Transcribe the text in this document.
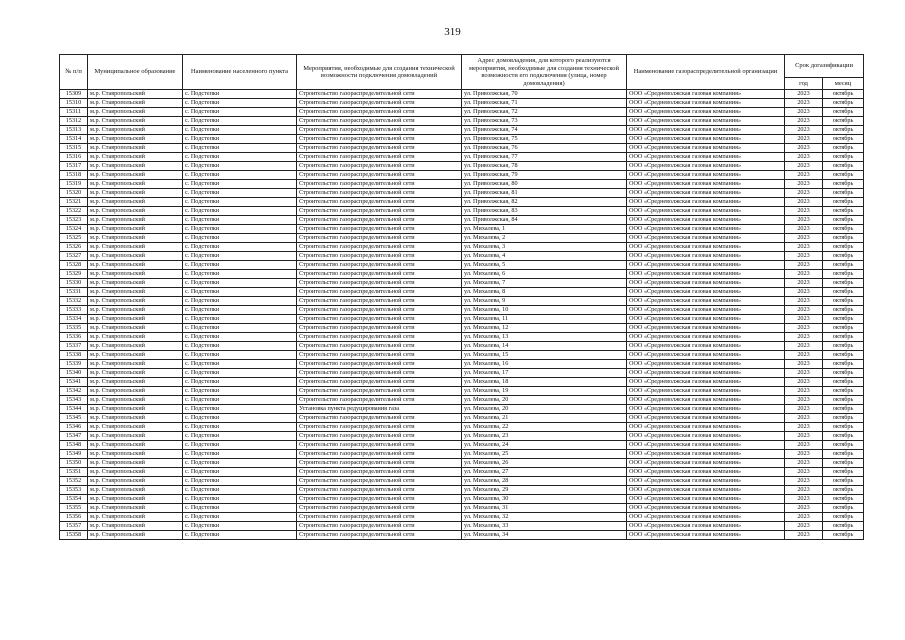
319
№ п/п	Муниципальное образование	Наименование населенного пункта	Мероприятия, необходимые для создания технической возможности подключения домовладений	Адрес домовладения, для которого реализуются мероприятия, необходимые для создания технической возможности его подключения (улица, номер домовладения)	Наименование газораспределительной организации	Срок догазификации	
						год	месяц
15309	м.р. Ставропольский	с. Подстепки	Строительство газораспределительной сети	ул. Приволжская, 70	ООО «Средневолжская газовая компания»	2023	октябрь
15310	м.р. Ставропольский	с. Подстепки	Строительство газораспределительной сети	ул. Приволжская, 71	ООО «Средневолжская газовая компания»	2023	октябрь
15311	м.р. Ставропольский	с. Подстепки	Строительство газораспределительной сети	ул. Приволжская, 72	ООО «Средневолжская газовая компания»	2023	октябрь
15312	м.р. Ставропольский	с. Подстепки	Строительство газораспределительной сети	ул. Приволжская, 73	ООО «Средневолжская газовая компания»	2023	октябрь
15313	м.р. Ставропольский	с. Подстепки	Строительство газораспределительной сети	ул. Приволжская, 74	ООО «Средневолжская газовая компания»	2023	октябрь
15314	м.р. Ставропольский	с. Подстепки	Строительство газораспределительной сети	ул. Приволжская, 75	ООО «Средневолжская газовая компания»	2023	октябрь
15315	м.р. Ставропольский	с. Подстепки	Строительство газораспределительной сети	ул. Приволжская, 76	ООО «Средневолжская газовая компания»	2023	октябрь
15316	м.р. Ставропольский	с. Подстепки	Строительство газораспределительной сети	ул. Приволжская, 77	ООО «Средневолжская газовая компания»	2023	октябрь
15317	м.р. Ставропольский	с. Подстепки	Строительство газораспределительной сети	ул. Приволжская, 78	ООО «Средневолжская газовая компания»	2023	октябрь
15318	м.р. Ставропольский	с. Подстепки	Строительство газораспределительной сети	ул. Приволжская, 79	ООО «Средневолжская газовая компания»	2023	октябрь
15319	м.р. Ставропольский	с. Подстепки	Строительство газораспределительной сети	ул. Приволжская, 80	ООО «Средневолжская газовая компания»	2023	октябрь
15320	м.р. Ставропольский	с. Подстепки	Строительство газораспределительной сети	ул. Приволжская, 81	ООО «Средневолжская газовая компания»	2023	октябрь
15321	м.р. Ставропольский	с. Подстепки	Строительство газораспределительной сети	ул. Приволжская, 82	ООО «Средневолжская газовая компания»	2023	октябрь
15322	м.р. Ставропольский	с. Подстепки	Строительство газораспределительной сети	ул. Приволжская, 83	ООО «Средневолжская газовая компания»	2023	октябрь
15323	м.р. Ставропольский	с. Подстепки	Строительство газораспределительной сети	ул. Приволжская, 84	ООО «Средневолжская газовая компания»	2023	октябрь
15324	м.р. Ставропольский	с. Подстепки	Строительство газораспределительной сети	ул. Михалева, 1	ООО «Средневолжская газовая компания»	2023	октябрь
15325	м.р. Ставропольский	с. Подстепки	Строительство газораспределительной сети	ул. Михалева, 2	ООО «Средневолжская газовая компания»	2023	октябрь
15326	м.р. Ставропольский	с. Подстепки	Строительство газораспределительной сети	ул. Михалева, 3	ООО «Средневолжская газовая компания»	2023	октябрь
15327	м.р. Ставропольский	с. Подстепки	Строительство газораспределительной сети	ул. Михалева, 4	ООО «Средневолжская газовая компания»	2023	октябрь
15328	м.р. Ставропольский	с. Подстепки	Строительство газораспределительной сети	ул. Михалева, 5	ООО «Средневолжская газовая компания»	2023	октябрь
15329	м.р. Ставропольский	с. Подстепки	Строительство газораспределительной сети	ул. Михалева, 6	ООО «Средневолжская газовая компания»	2023	октябрь
15330	м.р. Ставропольский	с. Подстепки	Строительство газораспределительной сети	ул. Михалева, 7	ООО «Средневолжская газовая компания»	2023	октябрь
15331	м.р. Ставропольский	с. Подстепки	Строительство газораспределительной сети	ул. Михалева, 8	ООО «Средневолжская газовая компания»	2023	октябрь
15332	м.р. Ставропольский	с. Подстепки	Строительство газораспределительной сети	ул. Михалева, 9	ООО «Средневолжская газовая компания»	2023	октябрь
15333	м.р. Ставропольский	с. Подстепки	Строительство газораспределительной сети	ул. Михалева, 10	ООО «Средневолжская газовая компания»	2023	октябрь
15334	м.р. Ставропольский	с. Подстепки	Строительство газораспределительной сети	ул. Михалева, 11	ООО «Средневолжская газовая компания»	2023	октябрь
15335	м.р. Ставропольский	с. Подстепки	Строительство газораспределительной сети	ул. Михалева, 12	ООО «Средневолжская газовая компания»	2023	октябрь
15336	м.р. Ставропольский	с. Подстепки	Строительство газораспределительной сети	ул. Михалева, 13	ООО «Средневолжская газовая компания»	2023	октябрь
15337	м.р. Ставропольский	с. Подстепки	Строительство газораспределительной сети	ул. Михалева, 14	ООО «Средневолжская газовая компания»	2023	октябрь
15338	м.р. Ставропольский	с. Подстепки	Строительство газораспределительной сети	ул. Михалева, 15	ООО «Средневолжская газовая компания»	2023	октябрь
15339	м.р. Ставропольский	с. Подстепки	Строительство газораспределительной сети	ул. Михалева, 16	ООО «Средневолжская газовая компания»	2023	октябрь
15340	м.р. Ставропольский	с. Подстепки	Строительство газораспределительной сети	ул. Михалева, 17	ООО «Средневолжская газовая компания»	2023	октябрь
15341	м.р. Ставропольский	с. Подстепки	Строительство газораспределительной сети	ул. Михалева, 18	ООО «Средневолжская газовая компания»	2023	октябрь
15342	м.р. Ставропольский	с. Подстепки	Строительство газораспределительной сети	ул. Михалева, 19	ООО «Средневолжская газовая компания»	2023	октябрь
15343	м.р. Ставропольский	с. Подстепки	Строительство газораспределительной сети	ул. Михалева, 20	ООО «Средневолжская газовая компания»	2023	октябрь
15344	м.р. Ставропольский	с. Подстепки	Установка пункта редуцирования газа	ул. Михалева, 20	ООО «Средневолжская газовая компания»	2023	октябрь
15345	м.р. Ставропольский	с. Подстепки	Строительство газораспределительной сети	ул. Михалева, 21	ООО «Средневолжская газовая компания»	2023	октябрь
15346	м.р. Ставропольский	с. Подстепки	Строительство газораспределительной сети	ул. Михалева, 22	ООО «Средневолжская газовая компания»	2023	октябрь
15347	м.р. Ставропольский	с. Подстепки	Строительство газораспределительной сети	ул. Михалева, 23	ООО «Средневолжская газовая компания»	2023	октябрь
15348	м.р. Ставропольский	с. Подстепки	Строительство газораспределительной сети	ул. Михалева, 24	ООО «Средневолжская газовая компания»	2023	октябрь
15349	м.р. Ставропольский	с. Подстепки	Строительство газораспределительной сети	ул. Михалева, 25	ООО «Средневолжская газовая компания»	2023	октябрь
15350	м.р. Ставропольский	с. Подстепки	Строительство газораспределительной сети	ул. Михалева, 26	ООО «Средневолжская газовая компания»	2023	октябрь
15351	м.р. Ставропольский	с. Подстепки	Строительство газораспределительной сети	ул. Михалева, 27	ООО «Средневолжская газовая компания»	2023	октябрь
15352	м.р. Ставропольский	с. Подстепки	Строительство газораспределительной сети	ул. Михалева, 28	ООО «Средневолжская газовая компания»	2023	октябрь
15353	м.р. Ставропольский	с. Подстепки	Строительство газораспределительной сети	ул. Михалева, 29	ООО «Средневолжская газовая компания»	2023	октябрь
15354	м.р. Ставропольский	с. Подстепки	Строительство газораспределительной сети	ул. Михалева, 30	ООО «Средневолжская газовая компания»	2023	октябрь
15355	м.р. Ставропольский	с. Подстепки	Строительство газораспределительной сети	ул. Михалева, 31	ООО «Средневолжская газовая компания»	2023	октябрь
15356	м.р. Ставропольский	с. Подстепки	Строительство газораспределительной сети	ул. Михалева, 32	ООО «Средневолжская газовая компания»	2023	октябрь
15357	м.р. Ставропольский	с. Подстепки	Строительство газораспределительной сети	ул. Михалева, 33	ООО «Средневолжская газовая компания»	2023	октябрь
15358	м.р. Ставропольский	с. Подстепки	Строительство газораспределительной сети	ул. Михалева, 34	ООО «Средневолжская газовая компания»	2023	октябрь
